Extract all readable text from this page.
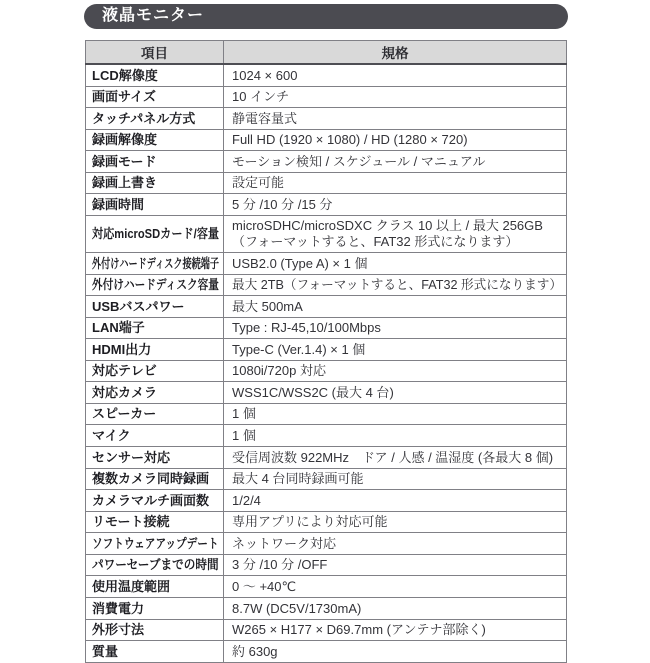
液晶モニター
項目	規格
LCD解像度	1024 × 600
画面サイズ	10 インチ
タッチパネル方式	静電容量式
録画解像度	Full HD (1920 × 1080) / HD (1280 × 720)
録画モード	モーション検知 / スケジュール / マニュアル
録画上書き	設定可能
録画時間	5 分 /10 分 /15 分
対応microSDカード/容量	microSDHC/microSDXC クラス 10 以上 / 最大 256GB（フォーマットすると、FAT32 形式になります）
外付けハードディスク接続端子	USB2.0 (Type A) × 1 個
外付けハードディスク容量	最大 2TB（フォーマットすると、FAT32 形式になります）
USBバスパワー	最大 500mA
LAN端子	Type : RJ-45,10/100Mbps
HDMI出力	Type-C (Ver.1.4) × 1 個
対応テレビ	1080i/720p 対応
対応カメラ	WSS1C/WSS2C (最大 4 台)
スピーカー	1 個
マイク	1 個
センサー対応	受信周波数 922MHz　ドア / 人感 / 温湿度 (各最大 8 個)
複数カメラ同時録画	最大 4 台同時録画可能
カメラマルチ画面数	1/2/4
リモート接続	専用アプリにより対応可能
ソフトウェアアップデート	ネットワーク対応
パワーセーブまでの時間	3 分 /10 分 /OFF
使用温度範囲	0 ～ +40℃
消費電力	8.7W (DC5V/1730mA)
外形寸法	W265 × H177 × D69.7mm (アンテナ部除く)
質量	約 630g
